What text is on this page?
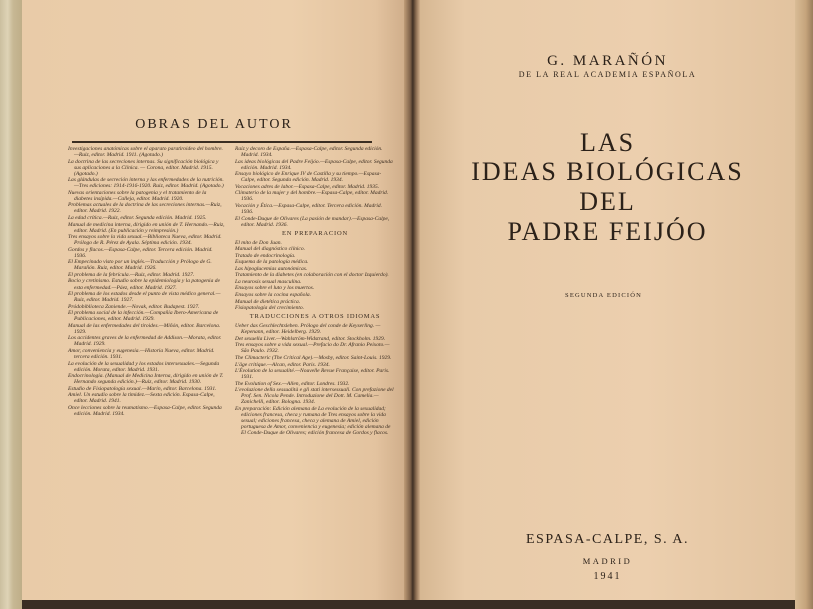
OBRAS DEL AUTOR

Investigaciones anatómicas sobre el aparato paratiroideo del hombre.—Ruiz, editor. Madrid. 1911. (Agotado.)

La doctrina de las secreciones internas. Su significación biológica y sus aplicaciones a la Clínica. — Corona, editor. Madrid. 1915. (Agotado.)

Las glándulas de secreción interna y las enfermedades de la nutrición.—Tres ediciones: 1914-1916-1920. Ruiz, editor. Madrid. (Agotado.)

Nuevas orientaciones sobre la patogenia y el tratamiento de la diabetes insípida.—Calleja, editor. Madrid. 1920.

Problemas actuales de la doctrina de las secreciones internas.—Ruiz, editor. Madrid. 1922.

La edad crítica.—Ruiz, editor. Segunda edición. Madrid. 1925.

Manual de medicina interna, dirigido en unión de T. Hernando.—Ruiz, editor. Madrid. (En publicación y reimpresión.)

Tres ensayos sobre la vida sexual.—Biblioteca Nueva, editor. Madrid. Prólogo de R. Pérez de Ayala. Séptima edición. 1934.

Gordos y flacos.—Espasa-Calpe, editor. Tercera edición. Madrid. 1936.

El Empecinado visto por un inglés.—Traducción y Prólogo de G. Marañón. Ruiz, editor. Madrid. 1926.

El problema de la febrícula.—Ruiz, editor. Madrid. 1927.

Bocio y cretinismo. Estudio sobre la epidemiología y la patogenia de esta enfermedad.—Páez, editor. Madrid. 1927.

El problema de los estados desde el punto de vista médico general.—Ruiz, editor. Madrid. 1927.

Pródobiblioteca Zaniende.—Novak, editor. Budapest. 1927.

El problema social de la infección.—Compañía Ibero-Americana de Publicaciones, editor. Madrid. 1929.

Manual de las enfermedades del tiroides.—Miñón, editor. Barcelona. 1929.

Los accidentes graves de la enfermedad de Addison.—Morata, editor. Madrid. 1929.

Amor, conveniencia y eugenesia.—Historia Nueva, editor. Madrid. tercera edición. 1931.

La evolución de la sexualidad y los estados intersexuales.—Segunda edición. Morata, editor. Madrid. 1931.

Endocrinología. (Manual de Medicina Interna, dirigido en unión de T. Hernando segunda edición.)—Ruiz, editor. Madrid. 1930.

Estudio de Fisiopatología sexual.—Marín, editor. Barcelona. 1931.

Amiel. Un estudio sobre la timidez.—Sexta edición. Espasa-Calpe, editor. Madrid. 1941.

Once lecciones sobre la reumatismo.—Espasa-Calpe, editor. Segunda edición. Madrid. 1934.

Raíz y decoro de España.—Espasa-Calpe, editor. Segunda edición. Madrid. 1934.

Las ideas biológicas del Padre Feijóo.—Espasa-Calpe, editor. Segunda edición. Madrid. 1934.

Ensayo biológico de Enrique IV de Castilla y su tiempo.—Espasa-Calpe, editor. Segunda edición. Madrid. 1934.

Vocaciones adres de labor.—Espasa-Calpe, editor. Madrid. 1935.

Climaterio de la mujer y del hombre.—Espasa-Calpe, editor. Madrid. 1936.

Vocación y Ética.—Espasa-Calpe, editor. Tercera edición. Madrid. 1936.

El Conde-Duque de Olivares (La pasión de mandar).—Espasa-Calpe, editor. Madrid. 1936.

EN PREPARACION

El mito de Don Juan.

Manual del diagnóstico clínico.

Tratado de endocrinología.

Esquema de la patología médica.

Las hipoglucemias autonómicas.

Tratamiento de la diabetes (en colaboración con el doctor Izquierdo).

La neurosis sexual masculina.

Ensayos sobre el luto y los muertos.

Ensayos sobre la cocina española.

Manual de dietética práctica.

Fisiopatología del crecimiento.

TRADUCCIONES A OTROS IDIOMAS

Ueber das Geschlechtsleben. Prólogo del conde de Keyserling. — Kepenann, editor. Heidelberg. 1929.

Det sexuella Livet.—Wahlström-Widstrand, editor. Stockholm. 1929.

Tres ensayos sobre a vida sexual.—Prefacio do Dr. Afranio Peixoto.—São Paulo. 1932.

The Climacteric (The Critical Age).—Mosby, editor. Saint-Louis. 1929.

L'âge critique.—Alcan, editor. Paris. 1934.

L'Évolution de la sexualité.—Nouvelle Revue Française, editor. Paris. 1931.

The Evolution of Sex.—Allen, editor. Londres. 1932.

L'evoluzione della sessualità e gli stati intersessuali. Con prefazione del Prof. Sen. Nicola Pende. Introduzione del Dott. M. Camelia.—Zanichelli, editor. Bologna. 1934.

En preparación: Edición alemana de La evolución de la sexualidad; ediciones francesa, checa y rumana de Tres ensayos sobre la vida sexual; ediciones francesa, checa y alemana de Amiel, edición portuguesa de Amor, conveniencia y eugenesia; edición alemana de El Conde-Duque de Olivares; edición francesa de Gordos y flacos.

G. MARAÑÓN
DE LA REAL ACADEMIA ESPAÑOLA
LAS
IDEAS BIOLÓGICAS
DEL
PADRE FEIJÓO
SEGUNDA EDICIÓN
ESPASA-CALPE, S. A.
MADRID
1941
